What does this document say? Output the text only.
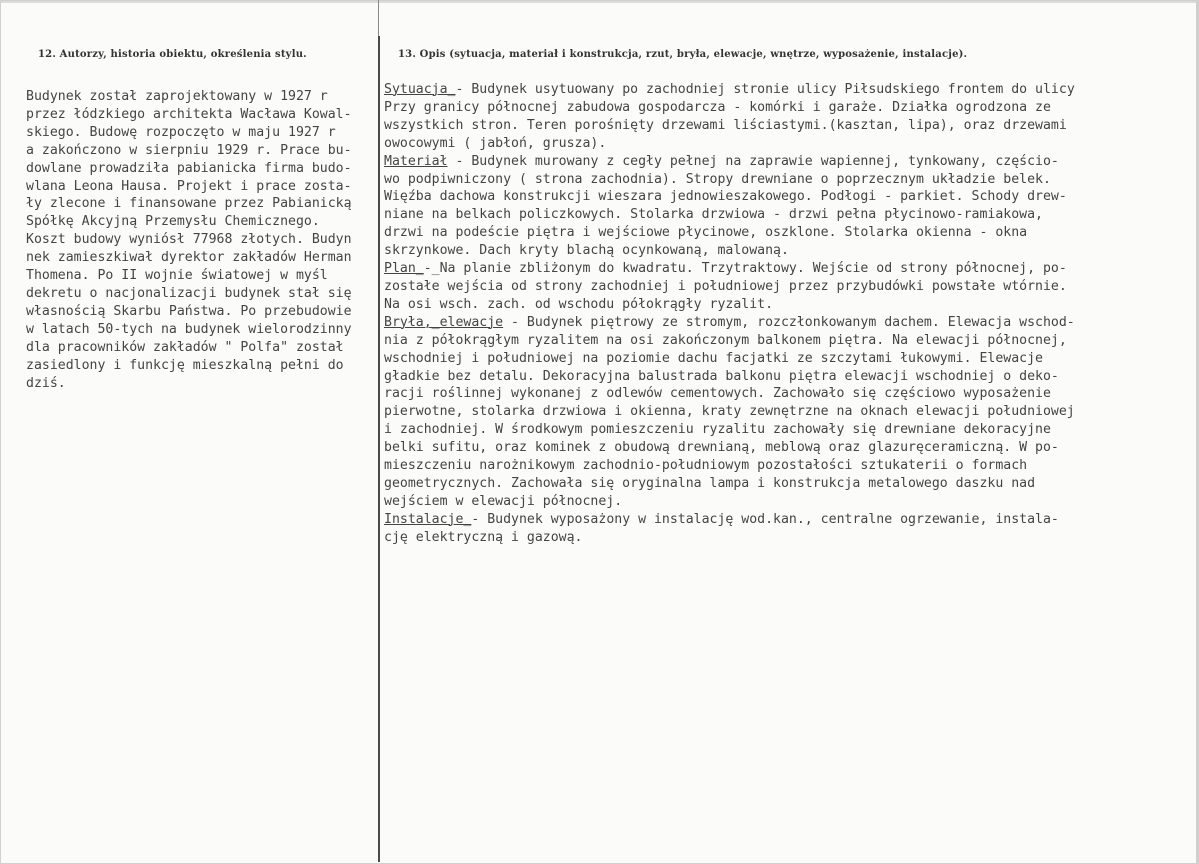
12. Autorzy, historia obiektu, określenia stylu.	13. Opis (sytuacja, materiał i konstrukcja, rzut, bryła, elewacje, wnętrze, wyposażenie, instalacje).
Budynek został zaprojektowany w 1927 r
przez łódzkiego architekta Wacława Kowal-
skiego. Budowę rozpoczęto w maju 1927 r
a zakończono w sierpniu 1929 r. Prace bu-
dowlane prowadziła pabianicka firma budo-
wlana Leona Hausa. Projekt i prace zosta-
ły zlecone i finansowane przez Pabianicką
Spółkę Akcyjną Przemysłu Chemicznego.
Koszt budowy wyniósł 77968 złotych. Budyn
nek zamieszkiwał dyrektor zakładów Herman
Thomena. Po II wojnie światowej w myśl
dekretu o nacjonalizacji budynek stał się
własnością Skarbu Państwa. Po przebudowie
w latach 50-tych na budynek wielorodzinny
dla pracowników zakładów " Polfa" został
zasiedlony i funkcję mieszkalną pełni do
dziś.
Sytuacja_- Budynek usytuowany po zachodniej stronie ulicy Piłsudskiego frontem do ulicy
Przy granicy północnej zabudowa gospodarcza - komórki i garaże. Działka ogrodzona ze
wszystkich stron. Teren porośnięty drzewami liściastymi.(kasztan, lipa), oraz drzewami
owocowymi ( jabłoń, grusza).
Materiał - Budynek murowany z cegły pełnej na zaprawie wapiennej, tynkowany, częścio-
wo podpiwniczony ( strona zachodnia). Stropy drewniane o poprzecznym układzie belek.
Więźba dachowa konstrukcji wieszara jednowieszakowego. Podłogi - parkiet. Schody drew-
niane na belkach policzkowych. Stolarka drzwiowa - drzwi pełna płycinowo-ramiakowa,
drzwi na podeście piętra i wejściowe płycinowe, oszklone. Stolarka okienna - okna
skrzynkowe. Dach kryty blachą ocynkowaną, malowaną.
Plan_-_Na planie zbliżonym do kwadratu. Trzytraktowy. Wejście od strony północnej, po-
zostałe wejścia od strony zachodniej i południowej przez przybudówki powstałe wtórnie.
Na osi wsch. zach. od wschodu półokrągły ryzalit.
Bryła,_elewacje - Budynek piętrowy ze stromym, rozczłonkowanym dachem. Elewacja wschod-
nia z półokrągłym ryzalitem na osi zakończonym balkonem piętra. Na elewacji północnej,
wschodniej i południowej na poziomie dachu facjatki ze szczytami łukowymi. Elewacje
gładkie bez detalu. Dekoracyjna balustrada balkonu piętra elewacji wschodniej o deko-
racji roślinnej wykonanej z odlewów cementowych. Zachowało się częściowo wyposażenie
pierwotne, stolarka drzwiowa i okienna, kraty zewnętrzne na oknach elewacji południowej
i zachodniej. W środkowym pomieszczeniu ryzalitu zachowały się drewniane dekoracyjne
belki sufitu, oraz kominek z obudową drewnianą, meblową oraz glazuręceramiczną. W po-
mieszczeniu narożnikowym zachodnio-południowym pozostałości sztukaterii o formach
geometrycznych. Zachowała się oryginalna lampa i konstrukcja metalowego daszku nad
wejściem w elewacji północnej.
Instalacje_- Budynek wyposażony w instalację wod.kan., centralne ogrzewanie, instala-
cję elektryczną i gazową.
